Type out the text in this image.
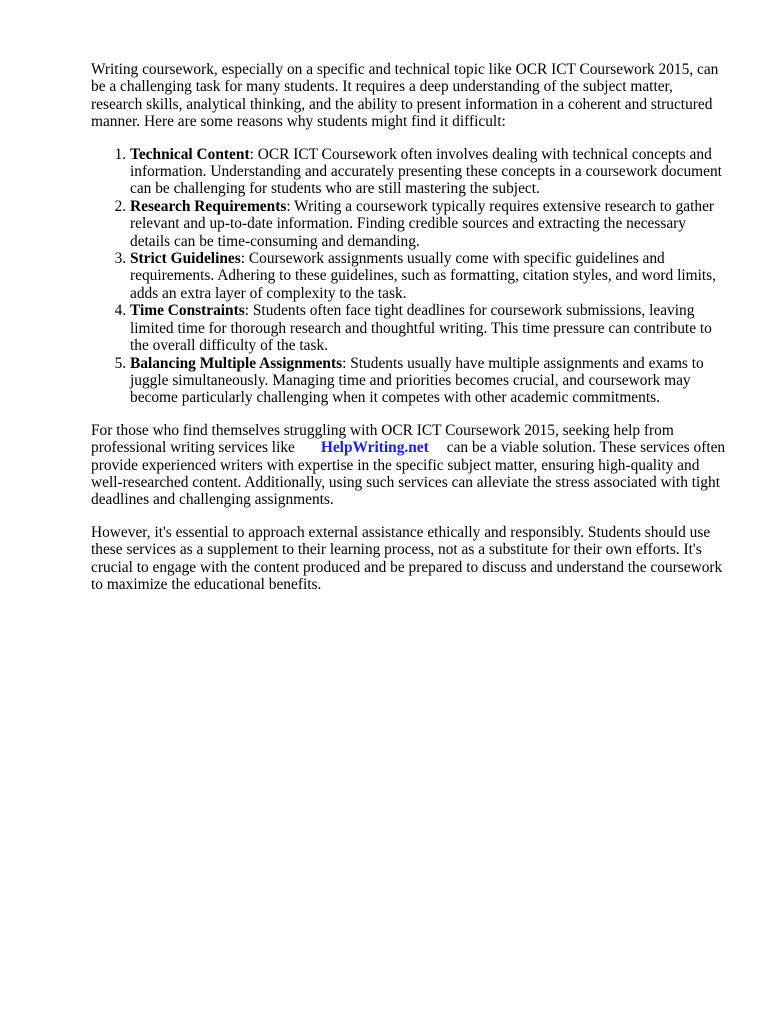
Writing coursework, especially on a specific and technical topic like OCR ICT Coursework 2015, can be a challenging task for many students. It requires a deep understanding of the subject matter, research skills, analytical thinking, and the ability to present information in a coherent and structured manner. Here are some reasons why students might find it difficult:

1. Technical Content: OCR ICT Coursework often involves dealing with technical concepts and information. Understanding and accurately presenting these concepts in a coursework document can be challenging for students who are still mastering the subject.
2. Research Requirements: Writing a coursework typically requires extensive research to gather relevant and up-to-date information. Finding credible sources and extracting the necessary details can be time-consuming and demanding.
3. Strict Guidelines: Coursework assignments usually come with specific guidelines and requirements. Adhering to these guidelines, such as formatting, citation styles, and word limits, adds an extra layer of complexity to the task.
4. Time Constraints: Students often face tight deadlines for coursework submissions, leaving limited time for thorough research and thoughtful writing. This time pressure can contribute to the overall difficulty of the task.
5. Balancing Multiple Assignments: Students usually have multiple assignments and exams to juggle simultaneously. Managing time and priorities becomes crucial, and coursework may become particularly challenging when it competes with other academic commitments.

For those who find themselves struggling with OCR ICT Coursework 2015, seeking help from professional writing services like HelpWriting.net can be a viable solution. These services often provide experienced writers with expertise in the specific subject matter, ensuring high-quality and well-researched content. Additionally, using such services can alleviate the stress associated with tight deadlines and challenging assignments.

However, it's essential to approach external assistance ethically and responsibly. Students should use these services as a supplement to their learning process, not as a substitute for their own efforts. It's crucial to engage with the content produced and be prepared to discuss and understand the coursework to maximize the educational benefits.
